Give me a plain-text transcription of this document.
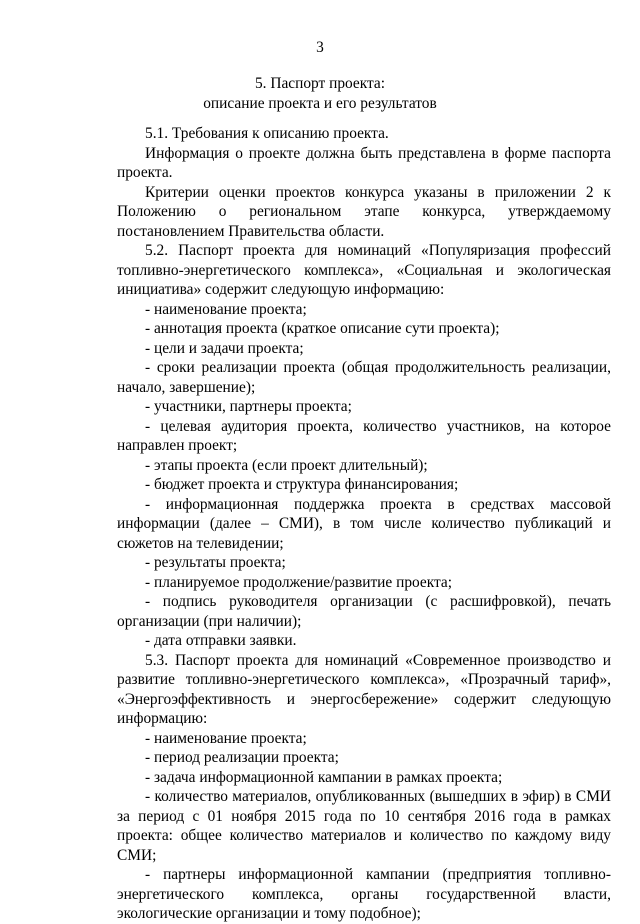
3
5. Паспорт проекта:
описание проекта и его результатов

5.1. Требования к описанию проекта.

Информация о проекте должна быть представлена в форме паспорта проекта.

Критерии оценки проектов конкурса указаны в приложении 2 к Положению о региональном этапе конкурса, утверждаемому постановлением Правительства области.

5.2. Паспорт проекта для номинаций «Популяризация профессий топливно-энергетического комплекса», «Социальная и экологическая инициатива» содержит следующую информацию:

- наименование проекта;

- аннотация проекта (краткое описание сути проекта);

- цели и задачи проекта;

- сроки реализации проекта (общая продолжительность реализации, начало, завершение);

- участники, партнеры проекта;

- целевая аудитория проекта, количество участников, на которое направлен проект;

- этапы проекта (если проект длительный);

- бюджет проекта и структура финансирования;

- информационная поддержка проекта в средствах массовой информации (далее – СМИ), в том числе количество публикаций и сюжетов на телевидении;

- результаты проекта;

- планируемое продолжение/развитие проекта;

- подпись руководителя организации (с расшифровкой), печать организации (при наличии);

- дата отправки заявки.

5.3. Паспорт проекта для номинаций «Современное производство и развитие топливно-энергетического комплекса», «Прозрачный тариф», «Энергоэффективность и энергосбережение» содержит следующую информацию:

- наименование проекта;

- период реализации проекта;

- задача информационной кампании в рамках проекта;

- количество материалов, опубликованных (вышедших в эфир) в СМИ за период с 01 ноября 2015 года по 10 сентября 2016 года в рамках проекта: общее количество материалов и количество по каждому виду СМИ;

- партнеры информационной кампании (предприятия топливно-энергетического комплекса, органы государственной власти, экологические организации и тому подобное);
